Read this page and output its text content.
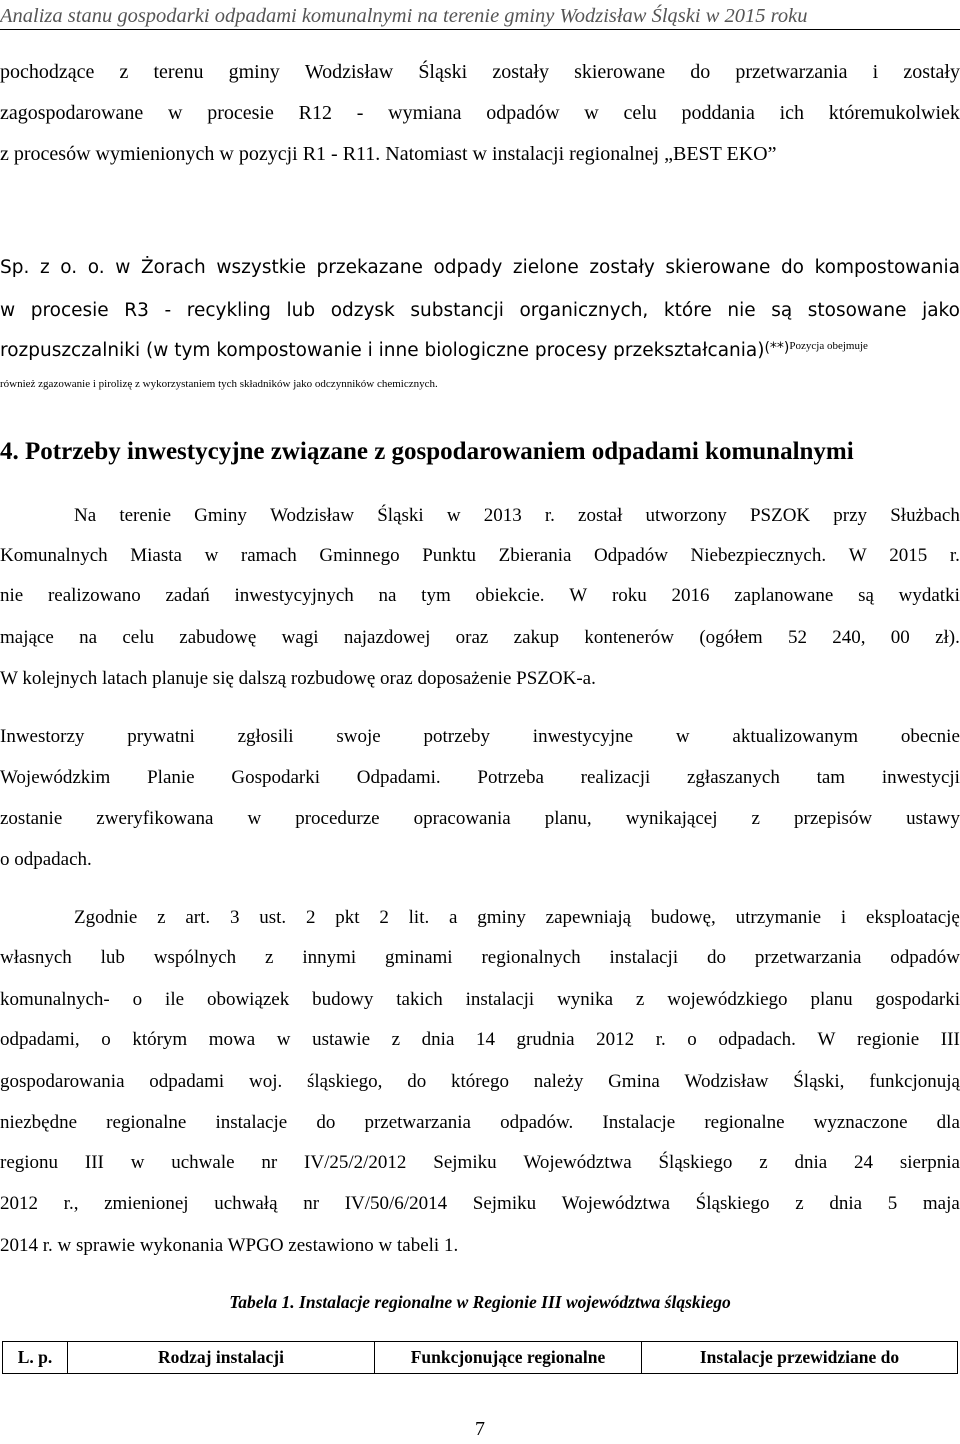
Analiza stanu gospodarki odpadami komunalnymi na terenie gminy Wodzisław Śląski w 2015 roku
pochodzące z terenu gminy Wodzisław Śląski zostały skierowane do przetwarzania i zostały
zagospodarowane w procesie R12 - wymiana odpadów w celu poddania ich któremukolwiek
z procesów wymienionych w pozycji R1 - R11. Natomiast w instalacji regionalnej „BEST EKO”
Sp. z o. o. w Żorach wszystkie przekazane odpady zielone zostały skierowane do kompostowania
w procesie R3 - recykling lub odzysk substancji organicznych, które nie są stosowane jako
rozpuszczalniki (w tym kompostowanie i inne biologiczne procesy przekształcania) (**) Pozycja obejmuje
również zgazowanie i pirolizę z wykorzystaniem tych składników jako odczynników chemicznych.
4. Potrzeby inwestycyjne związane z gospodarowaniem odpadami komunalnymi
Na terenie Gminy Wodzisław Śląski w 2013 r. został utworzony PSZOK przy Służbach
Komunalnych Miasta w ramach Gminnego Punktu Zbierania Odpadów Niebezpiecznych. W 2015 r.
nie realizowano zadań inwestycyjnych na tym obiekcie. W roku 2016 zaplanowane są wydatki
mające na celu zabudowę wagi najazdowej oraz zakup kontenerów (ogółem 52 240, 00 zł).
W kolejnych latach planuje się dalszą rozbudowę oraz doposażenie PSZOK-a.
Inwestorzy prywatni zgłosili swoje potrzeby inwestycyjne w aktualizowanym obecnie
Wojewódzkim Planie Gospodarki Odpadami. Potrzeba realizacji zgłaszanych tam inwestycji
zostanie zweryfikowana w procedurze opracowania planu, wynikającej z przepisów ustawy
o odpadach.
Zgodnie z art. 3 ust. 2 pkt 2 lit. a gminy zapewniają budowę, utrzymanie i eksploatację
własnych lub wspólnych z innymi gminami regionalnych instalacji do przetwarzania odpadów
komunalnych- o ile obowiązek budowy takich instalacji wynika z wojewódzkiego planu gospodarki
odpadami, o którym mowa w ustawie z dnia 14 grudnia 2012 r. o odpadach. W regionie III
gospodarowania odpadami woj. śląskiego, do którego należy Gmina Wodzisław Śląski, funkcjonują
niezbędne regionalne instalacje do przetwarzania odpadów. Instalacje regionalne wyznaczone dla
regionu III w uchwale nr IV/25/2/2012 Sejmiku Województwa Śląskiego z dnia 24 sierpnia
2012 r., zmienionej uchwałą nr IV/50/6/2014 Sejmiku Województwa Śląskiego z dnia 5 maja
2014 r. w sprawie wykonania WPGO zestawiono w tabeli 1.
Tabela 1. Instalacje regionalne w Regionie III województwa śląskiego
L. p.	Rodzaj instalacji	Funkcjonujące regionalne	Instalacje przewidziane do
7
